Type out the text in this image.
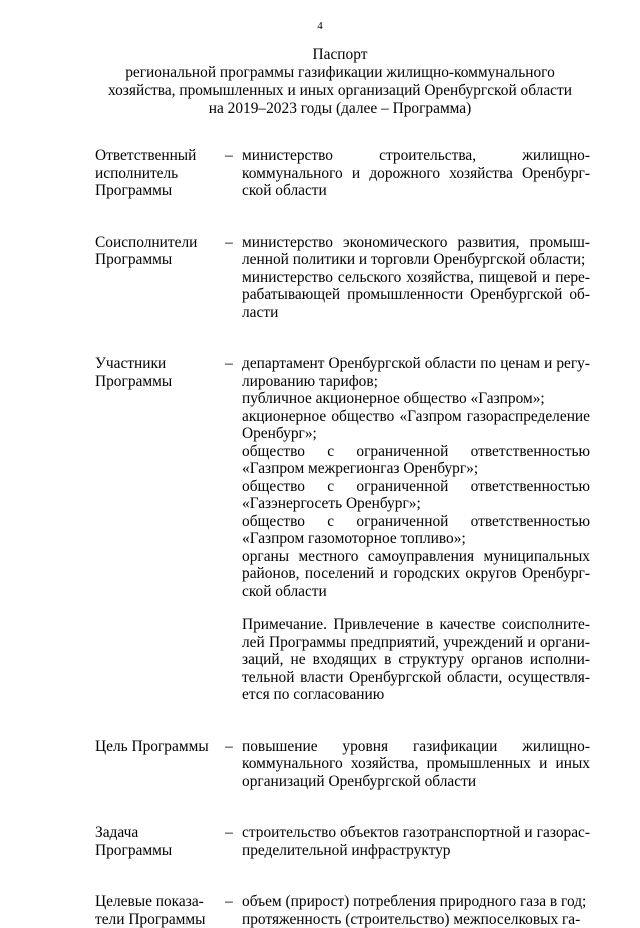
4
Паспорт
региональной программы газификации жилищно-коммунального
хозяйства, промышленных и иных организаций Оренбургской области
на 2019–2023 годы (далее – Программа)
Ответственный
исполнитель
Программы
– министерство строительства, жилищно-
коммунального и дорожного хозяйства Оренбург-
ской области
Соисполнители
Программы
– министерство экономического развития, промыш-
ленной политики и торговли Оренбургской области;
министерство сельского хозяйства, пищевой и пере-
рабатывающей промышленности Оренбургской об-
ласти
Участники
Программы
– департамент Оренбургской области по ценам и регу-
лированию тарифов;
публичное акционерное общество «Газпром»;
акционерное общество «Газпром газораспределение
Оренбург»;
общество с ограниченной ответственностью
«Газпром межрегионгаз Оренбург»;
общество с ограниченной ответственностью
«Газэнергосеть Оренбург»;
общество с ограниченной ответственностью
«Газпром газомоторное топливо»;
органы местного самоуправления муниципальных
районов, поселений и городских округов Оренбург-
ской области
Примечание. Привлечение в качестве соисполните-
лей Программы предприятий, учреждений и органи-
заций, не входящих в структуру органов исполни-
тельной власти Оренбургской области, осуществля-
ется по согласованию
Цель Программы	– повышение уровня газификации жилищно-
коммунального хозяйства, промышленных и иных
организаций Оренбургской области
Задача
Программы
– строительство объектов газотранспортной и газорас-
пределительной инфраструктур
Целевые показа-
тели Программы
– объем (прирост) потребления природного газа в год;
протяженность (строительство) межпоселковых га-
